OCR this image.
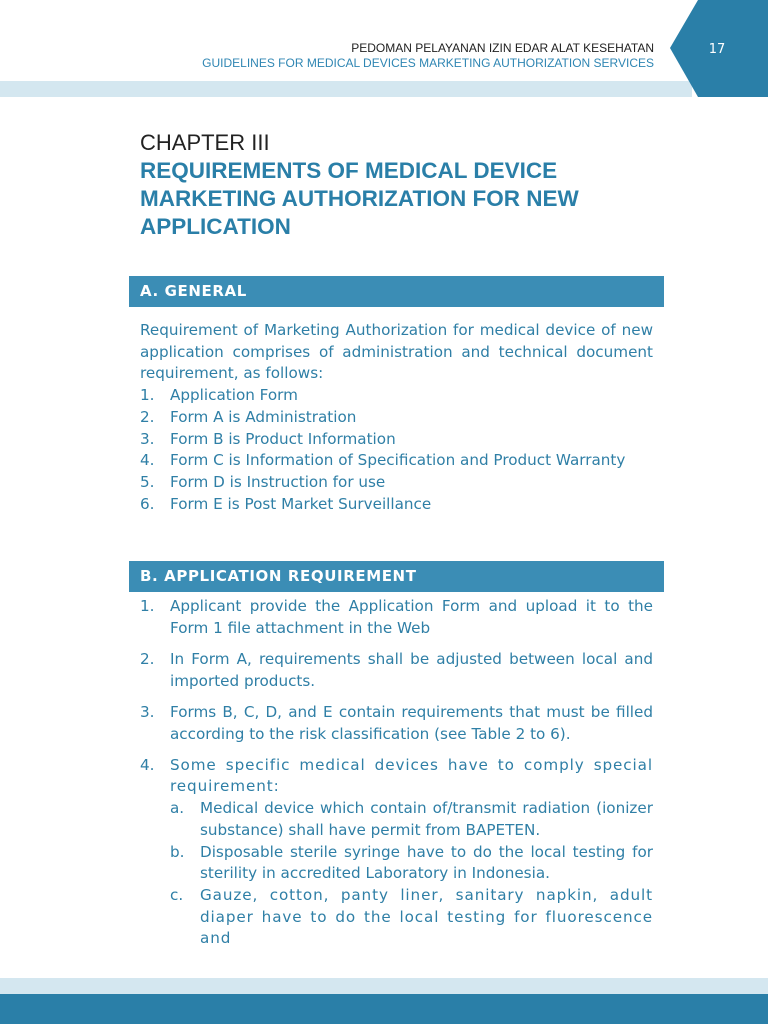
17
PEDOMAN PELAYANAN IZIN EDAR ALAT KESEHATAN
GUIDELINES FOR MEDICAL DEVICES MARKETING AUTHORIZATION SERVICES
CHAPTER III
REQUIREMENTS OF MEDICAL DEVICE
MARKETING AUTHORIZATION FOR NEW
APPLICATION
A. GENERAL
Requirement of Marketing Authorization for medical device of new application comprises of administration and technical document requirement, as follows:
1.	Application Form
2.	Form A is Administration
3.	Form B is Product Information
4.	Form C is Information of Specification and Product Warranty
5.	Form D is Instruction for use
6.	Form E is Post Market Surveillance
B. APPLICATION REQUIREMENT
1.	Applicant provide the Application Form and upload it to the Form 1 file attachment in the Web
2.	In Form A, requirements shall be adjusted between local and imported products.
3.	Forms B, C, D, and E contain requirements that must be filled according to the risk classification (see Table 2 to 6).
4.	Some specific medical devices have to comply special requirement:
a.	Medical device which contain of/transmit radiation (ionizer substance) shall have permit from BAPETEN.
b.	Disposable sterile syringe have to do the local testing for sterility in accredited Laboratory in Indonesia.
c.	Gauze, cotton, panty liner, sanitary napkin, adult diaper have to do the local testing for fluorescence and
